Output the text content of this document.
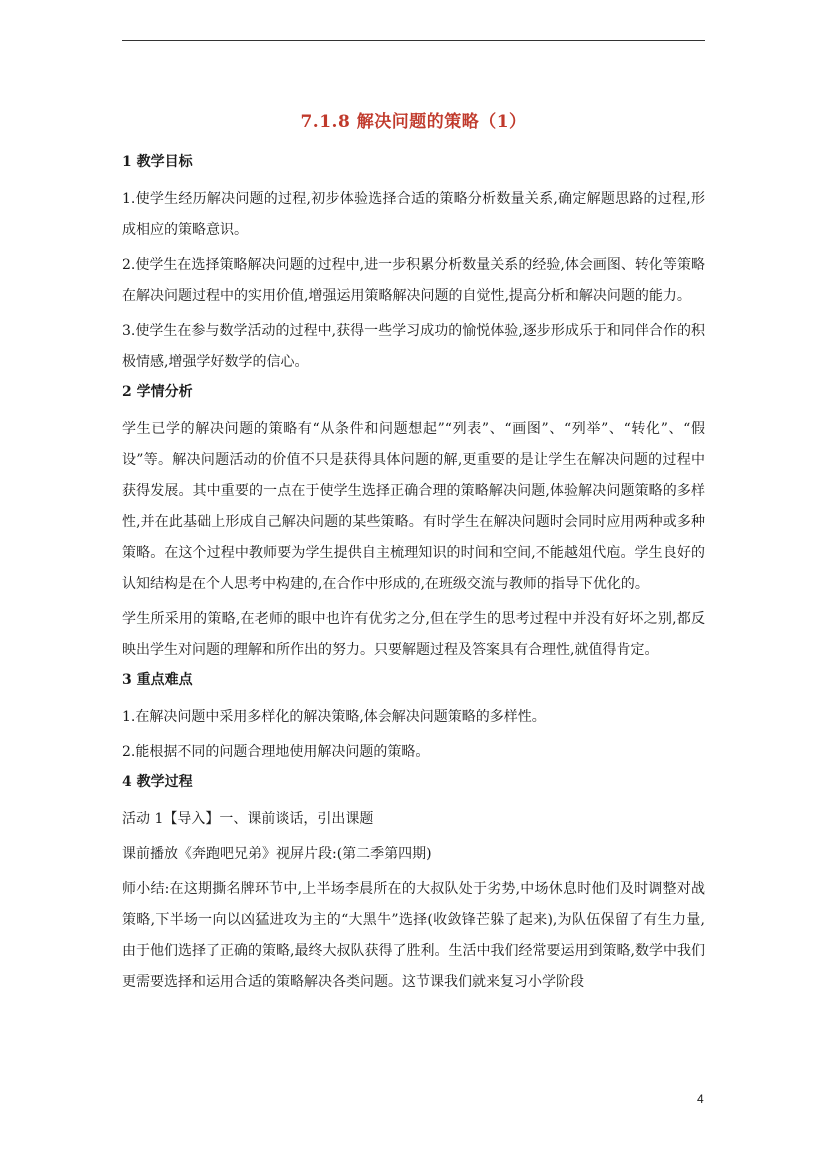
7.1.8 解决问题的策略（1）
1 教学目标
1.使学生经历解决问题的过程,初步体验选择合适的策略分析数量关系,确定解题思路的过程,形成相应的策略意识。
2.使学生在选择策略解决问题的过程中,进一步积累分析数量关系的经验,体会画图、转化等策略在解决问题过程中的实用价值,增强运用策略解决问题的自觉性,提高分析和解决问题的能力。
3.使学生在参与数学活动的过程中,获得一些学习成功的愉悦体验,逐步形成乐于和同伴合作的积极情感,增强学好数学的信心。
2 学情分析
学生已学的解决问题的策略有“从条件和问题想起”“列表”、“画图”、“列举”、“转化”、“假设”等。解决问题活动的价值不只是获得具体问题的解,更重要的是让学生在解决问题的过程中获得发展。其中重要的一点在于使学生选择正确合理的策略解决问题,体验解决问题策略的多样性,并在此基础上形成自己解决问题的某些策略。有时学生在解决问题时会同时应用两种或多种策略。在这个过程中教师要为学生提供自主梳理知识的时间和空间,不能越俎代庖。学生良好的认知结构是在个人思考中构建的,在合作中形成的,在班级交流与教师的指导下优化的。
学生所采用的策略,在老师的眼中也许有优劣之分,但在学生的思考过程中并没有好坏之别,都反映出学生对问题的理解和所作出的努力。只要解题过程及答案具有合理性,就值得肯定。
3 重点难点
1.在解决问题中采用多样化的解决策略,体会解决问题策略的多样性。
2.能根据不同的问题合理地使用解决问题的策略。
4 教学过程
活动 1【导入】一、课前谈话，引出课题
课前播放《奔跑吧兄弟》视屏片段:(第二季第四期)
师小结:在这期撕名牌环节中,上半场李晨所在的大叔队处于劣势,中场休息时他们及时调整对战策略,下半场一向以凶猛进攻为主的“大黑牛”选择(收敛锋芒躲了起来),为队伍保留了有生力量,由于他们选择了正确的策略,最终大叔队获得了胜利。生活中我们经常要运用到策略,数学中我们更需要选择和运用合适的策略解决各类问题。这节课我们就来复习小学阶段
4
